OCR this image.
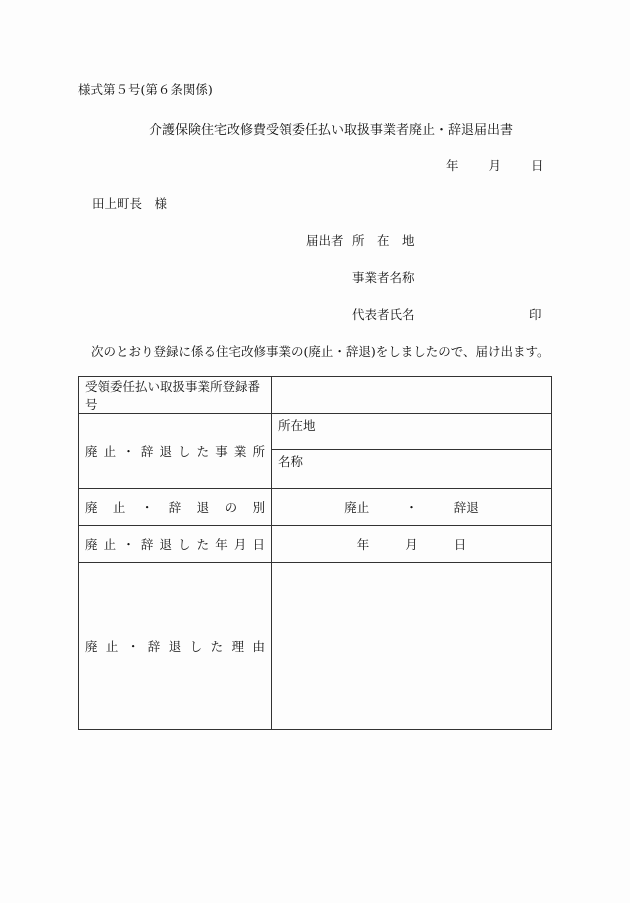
様式第５号(第６条関係)
介護保険住宅改修費受領委任払い取扱事業者廃止・辞退届出書
年 月 日
田上町長　様
届出者 所　在　地
事業者名称
代表者氏名	印
次のとおり登録に係る住宅改修事業の(廃止・辞退)をしましたので、届け出ます。
受領委任払い取扱事業所登録番号	
廃止・辞退した事業所	所在地
名称

廃止・辞退の別	廃止 ・ 辞退
廃止・辞退した年月日	年 月 日
廃止・辞退した理由	
